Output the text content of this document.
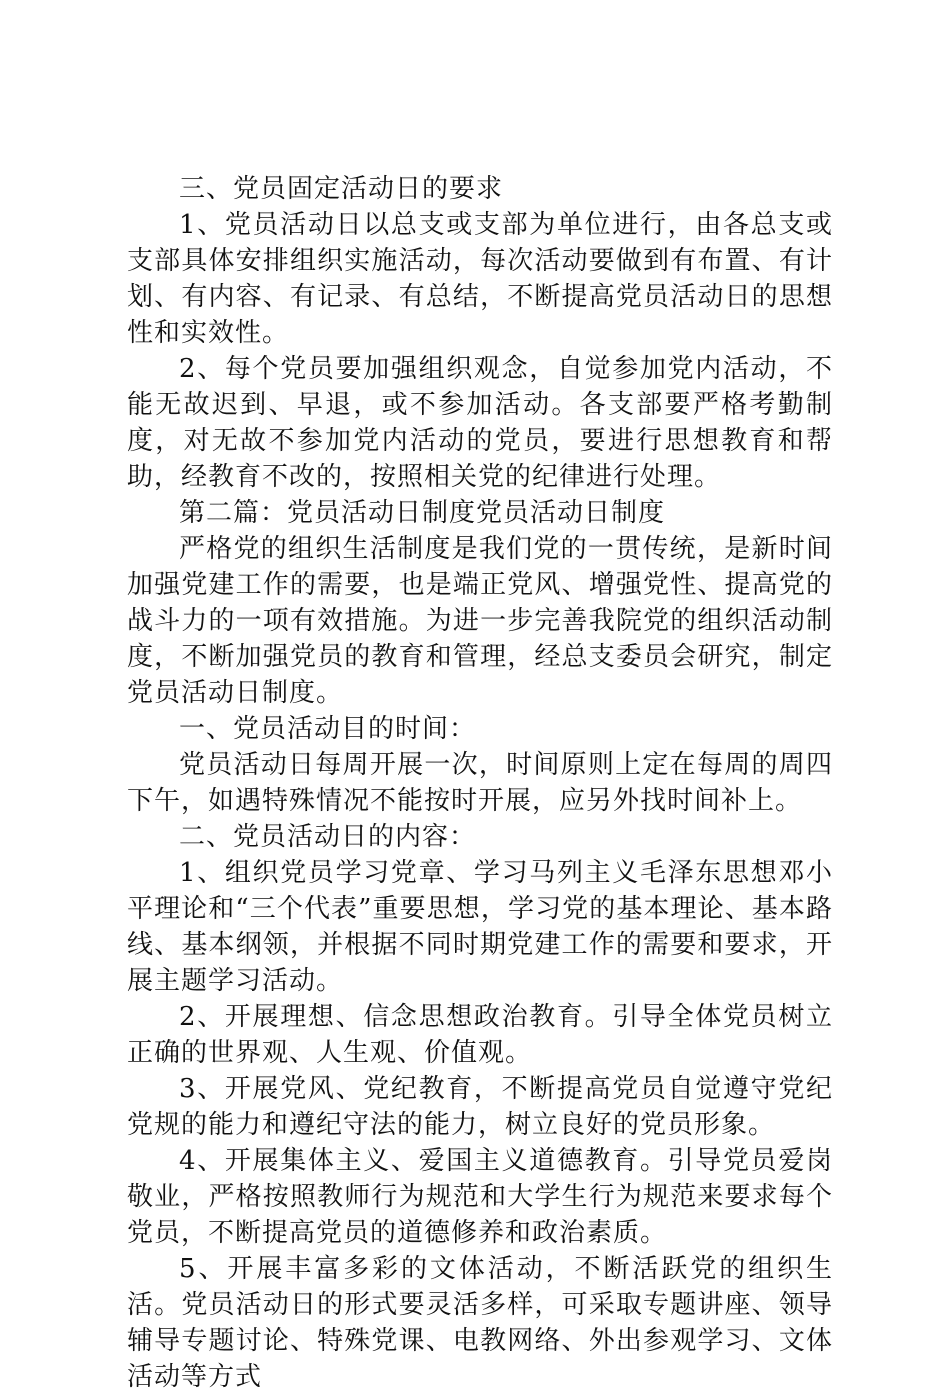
三、党员固定活动日的要求

1、党员活动日以总支或支部为单位进行，由各总支或支部具体安排组织实施活动，每次活动要做到有布置、有计划、有内容、有记录、有总结，不断提高党员活动日的思想性和实效性。

2、每个党员要加强组织观念，自觉参加党内活动，不能无故迟到、早退，或不参加活动。各支部要严格考勤制度，对无故不参加党内活动的党员，要进行思想教育和帮助，经教育不改的，按照相关党的纪律进行处理。

第二篇：党员活动日制度党员活动日制度

严格党的组织生活制度是我们党的一贯传统，是新时间加强党建工作的需要，也是端正党风、增强党性、提高党的战斗力的一项有效措施。为进一步完善我院党的组织活动制度，不断加强党员的教育和管理，经总支委员会研究，制定党员活动日制度。

一、党员活动目的时间：

党员活动日每周开展一次，时间原则上定在每周的周四下午，如遇特殊情况不能按时开展，应另外找时间补上。

二、党员活动日的内容：

1、组织党员学习党章、学习马列主义毛泽东思想邓小平理论和“三个代表”重要思想，学习党的基本理论、基本路线、基本纲领，并根据不同时期党建工作的需要和要求，开展主题学习活动。

2、开展理想、信念思想政治教育。引导全体党员树立正确的世界观、人生观、价值观。

3、开展党风、党纪教育，不断提高党员自觉遵守党纪党规的能力和遵纪守法的能力，树立良好的党员形象。

4、开展集体主义、爱国主义道德教育。引导党员爱岗敬业，严格按照教师行为规范和大学生行为规范来要求每个党员，不断提高党员的道德修养和政治素质。

5、开展丰富多彩的文体活动，不断活跃党的组织生活。党员活动日的形式要灵活多样，可采取专题讲座、领导辅导专题讨论、特殊党课、电教网络、外出参观学习、文体活动等方式
